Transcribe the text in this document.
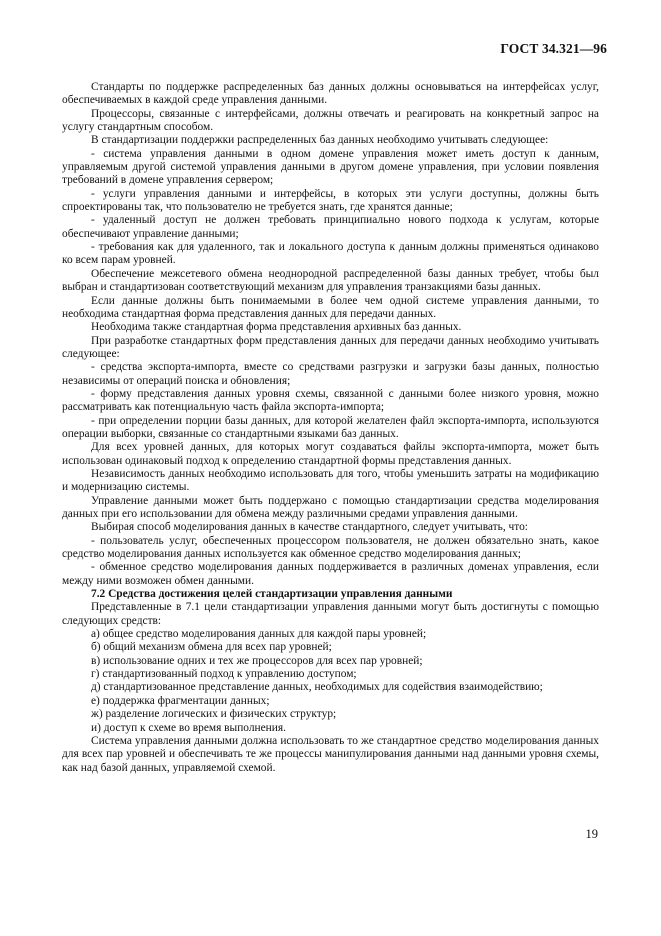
ГОСТ 34.321—96

Стандарты по поддержке распределенных баз данных должны основываться на интерфейсах услуг, обеспечиваемых в каждой среде управления данными.

Процессоры, связанные с интерфейсами, должны отвечать и реагировать на конкретный запрос на услугу стандартным способом.

В стандартизации поддержки распределенных баз данных необходимо учитывать следующее:

- система управления данными в одном домене управления может иметь доступ к данным, управляемым другой системой управления данными в другом домене управления, при условии появления требований в домене управления сервером;

- услуги управления данными и интерфейсы, в которых эти услуги доступны, должны быть спроектированы так, что пользователю не требуется знать, где хранятся данные;

- удаленный доступ не должен требовать принципиально нового подхода к услугам, которые обеспечивают управление данными;

- требования как для удаленного, так и локального доступа к данным должны применяться одинаково ко всем парам уровней.

Обеспечение межсетевого обмена неоднородной распределенной базы данных требует, чтобы был выбран и стандартизован соответствующий механизм для управления транзакциями базы данных.

Если данные должны быть понимаемыми в более чем одной системе управления данными, то необходима стандартная форма представления данных для передачи данных.

Необходима также стандартная форма представления архивных баз данных.

При разработке стандартных форм представления данных для передачи данных необходимо учитывать следующее:

- средства экспорта-импорта, вместе со средствами разгрузки и загрузки базы данных, полностью независимы от операций поиска и обновления;

- форму представления данных уровня схемы, связанной с данными более низкого уровня, можно рассматривать как потенциальную часть файла экспорта-импорта;

- при определении порции базы данных, для которой желателен файл экспорта-импорта, используются операции выборки, связанные со стандартными языками баз данных.

Для всех уровней данных, для которых могут создаваться файлы экспорта-импорта, может быть использован одинаковый подход к определению стандартной формы представления данных.

Независимость данных необходимо использовать для того, чтобы уменьшить затраты на модификацию и модернизацию системы.

Управление данными может быть поддержано с помощью стандартизации средства моделирования данных при его использовании для обмена между различными средами управления данными.

Выбирая способ моделирования данных в качестве стандартного, следует учитывать, что:

- пользователь услуг, обеспеченных процессором пользователя, не должен обязательно знать, какое средство моделирования данных используется как обменное средство моделирования данных;

- обменное средство моделирования данных поддерживается в различных доменах управления, если между ними возможен обмен данными.

7.2 Средства достижения целей стандартизации управления данными

Представленные в 7.1 цели стандартизации управления данными могут быть достигнуты с помощью следующих средств:

а) общее средство моделирования данных для каждой пары уровней;

б) общий механизм обмена для всех пар уровней;

в) использование одних и тех же процессоров для всех пар уровней;

г) стандартизованный подход к управлению доступом;

д) стандартизованное представление данных, необходимых для содействия взаимодействию;

е) поддержка фрагментации данных;

ж) разделение логических и физических структур;

и) доступ к схеме во время выполнения.

Система управления данными должна использовать то же стандартное средство моделирования данных для всех пар уровней и обеспечивать те же процессы манипулирования данными над данными уровня схемы, как над базой данных, управляемой схемой.

19
